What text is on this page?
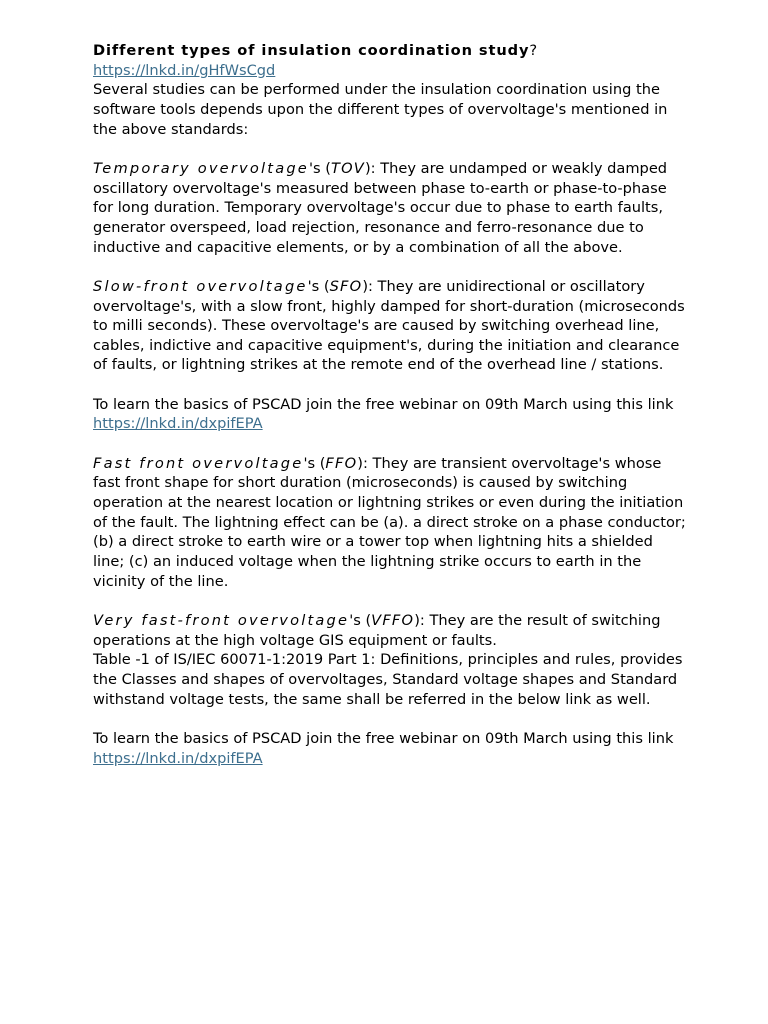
Different types of insulation coordination study?

https://lnkd.in/gHfWsCgd

Several studies can be performed under the insulation coordination using the software tools depends upon the different types of overvoltage's mentioned in the above standards:

Temporary overvoltage's (TOV): They are undamped or weakly damped oscillatory overvoltage's measured between phase to-earth or phase-to-phase for long duration. Temporary overvoltage's occur due to phase to earth faults, generator overspeed, load rejection, resonance and ferro-resonance due to inductive and capacitive elements, or by a combination of all the above.

Slow-front overvoltage's (SFO): They are unidirectional or oscillatory overvoltage's, with a slow front, highly damped for short-duration (microseconds to milli seconds). These overvoltage's are caused by switching overhead line, cables, indictive and capacitive equipment's, during the initiation and clearance of faults, or lightning strikes at the remote end of the overhead line / stations.

To learn the basics of PSCAD join the free webinar on 09th March using this link https://lnkd.in/dxpifEPA

Fast front overvoltage's (FFO): They are transient overvoltage's whose fast front shape for short duration (microseconds) is caused by switching operation at the nearest location or lightning strikes or even during the initiation of the fault. The lightning effect can be (a). a direct stroke on a phase conductor; (b) a direct stroke to earth wire or a tower top when lightning hits a shielded line; (c) an induced voltage when the lightning strike occurs to earth in the vicinity of the line.

Very fast-front overvoltage's (VFFO): They are the result of switching operations at the high voltage GIS equipment or faults.

Table -1 of IS/IEC 60071-1:2019 Part 1: Definitions, principles and rules, provides the Classes and shapes of overvoltages, Standard voltage shapes and Standard withstand voltage tests, the same shall be referred in the below link as well.

To learn the basics of PSCAD join the free webinar on 09th March using this link https://lnkd.in/dxpifEPA
